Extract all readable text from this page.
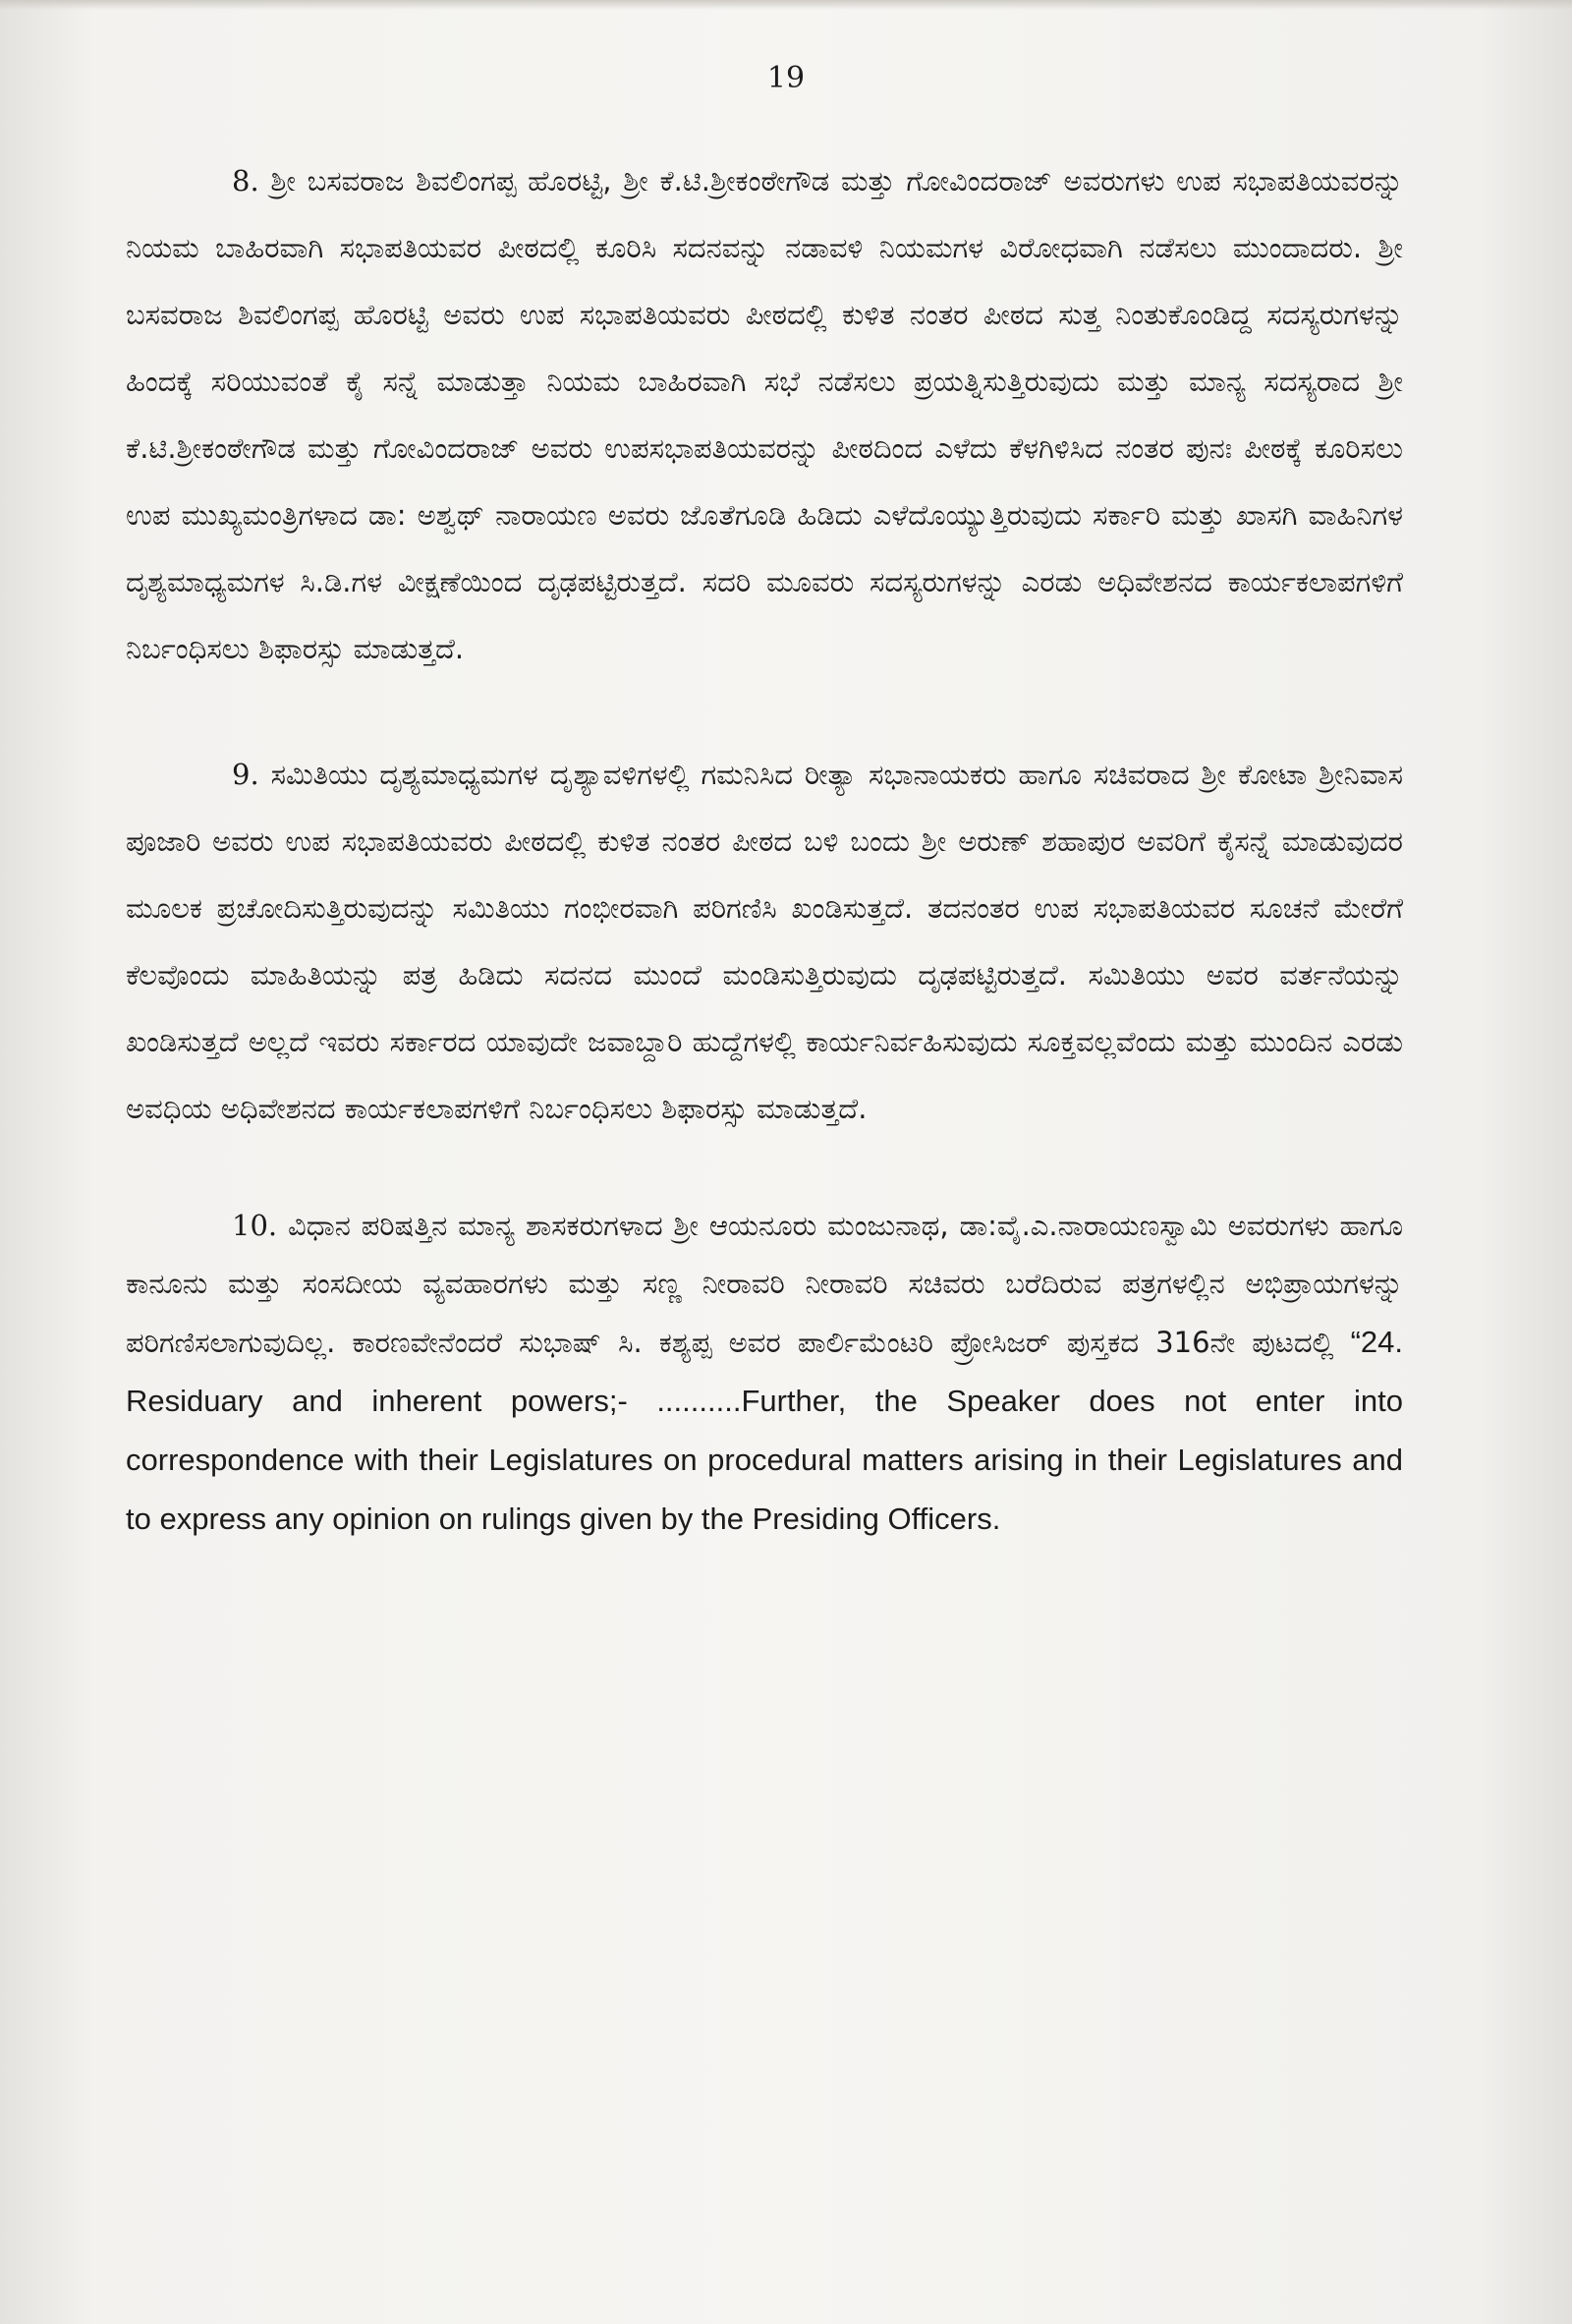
19

8. ಶ್ರೀ ಬಸವರಾಜ ಶಿವಲಿಂಗಪ್ಪ ಹೊರಟ್ಟಿ, ಶ್ರೀ ಕೆ.ಟಿ.ಶ್ರೀಕಂಠೇಗೌಡ ಮತ್ತು ಗೋವಿಂದರಾಜ್ ಅವರುಗಳು ಉಪ ಸಭಾಪತಿಯವರನ್ನು ನಿಯಮ ಬಾಹಿರವಾಗಿ ಸಭಾಪತಿಯವರ ಪೀಠದಲ್ಲಿ ಕೂರಿಸಿ ಸದನವನ್ನು ನಡಾವಳಿ ನಿಯಮಗಳ ವಿರೋಧವಾಗಿ ನಡೆಸಲು ಮುಂದಾದರು. ಶ್ರೀ ಬಸವರಾಜ ಶಿವಲಿಂಗಪ್ಪ ಹೊರಟ್ಟಿ ಅವರು ಉಪ ಸಭಾಪತಿಯವರು ಪೀಠದಲ್ಲಿ ಕುಳಿತ ನಂತರ ಪೀಠದ ಸುತ್ತ ನಿಂತುಕೊಂಡಿದ್ದ ಸದಸ್ಯರುಗಳನ್ನು ಹಿಂದಕ್ಕೆ ಸರಿಯುವಂತೆ ಕೈ ಸನ್ನೆ ಮಾಡುತ್ತಾ ನಿಯಮ ಬಾಹಿರವಾಗಿ ಸಭೆ ನಡೆಸಲು ಪ್ರಯತ್ನಿಸುತ್ತಿರುವುದು ಮತ್ತು ಮಾನ್ಯ ಸದಸ್ಯರಾದ ಶ್ರೀ ಕೆ.ಟಿ.ಶ್ರೀಕಂಠೇಗೌಡ ಮತ್ತು ಗೋವಿಂದರಾಜ್ ಅವರು ಉಪಸಭಾಪತಿಯವರನ್ನು ಪೀಠದಿಂದ ಎಳೆದು ಕೆಳಗಿಳಿಸಿದ ನಂತರ ಪುನಃ ಪೀಠಕ್ಕೆ ಕೂರಿಸಲು ಉಪ ಮುಖ್ಯಮಂತ್ರಿಗಳಾದ ಡಾ: ಅಶ್ವಥ್ ನಾರಾಯಣ ಅವರು ಜೊತೆಗೂಡಿ ಹಿಡಿದು ಎಳೆದೊಯ್ಯುತ್ತಿರುವುದು ಸರ್ಕಾರಿ ಮತ್ತು ಖಾಸಗಿ ವಾಹಿನಿಗಳ ದೃಶ್ಯಮಾಧ್ಯಮಗಳ ಸಿ.ಡಿ.ಗಳ ವೀಕ್ಷಣೆಯಿಂದ ದೃಢಪಟ್ಟಿರುತ್ತದೆ. ಸದರಿ ಮೂವರು ಸದಸ್ಯರುಗಳನ್ನು ಎರಡು ಅಧಿವೇಶನದ ಕಾರ್ಯಕಲಾಪಗಳಿಗೆ ನಿರ್ಬಂಧಿಸಲು ಶಿಫಾರಸ್ಸು ಮಾಡುತ್ತದೆ.

9. ಸಮಿತಿಯು ದೃಶ್ಯಮಾಧ್ಯಮಗಳ ದೃಶ್ಯಾವಳಿಗಳಲ್ಲಿ ಗಮನಿಸಿದ ರೀತ್ಯಾ ಸಭಾನಾಯಕರು ಹಾಗೂ ಸಚಿವರಾದ ಶ್ರೀ ಕೋಟಾ ಶ್ರೀನಿವಾಸ ಪೂಜಾರಿ ಅವರು ಉಪ ಸಭಾಪತಿಯವರು ಪೀಠದಲ್ಲಿ ಕುಳಿತ ನಂತರ ಪೀಠದ ಬಳಿ ಬಂದು ಶ್ರೀ ಅರುಣ್ ಶಹಾಪುರ ಅವರಿಗೆ ಕೈಸನ್ನೆ ಮಾಡುವುದರ ಮೂಲಕ ಪ್ರಚೋದಿಸುತ್ತಿರುವುದನ್ನು ಸಮಿತಿಯು ಗಂಭೀರವಾಗಿ ಪರಿಗಣಿಸಿ ಖಂಡಿಸುತ್ತದೆ. ತದನಂತರ ಉಪ ಸಭಾಪತಿಯವರ ಸೂಚನೆ ಮೇರೆಗೆ ಕೆಲವೊಂದು ಮಾಹಿತಿಯನ್ನು ಪತ್ರ ಹಿಡಿದು ಸದನದ ಮುಂದೆ ಮಂಡಿಸುತ್ತಿರುವುದು ದೃಢಪಟ್ಟಿರುತ್ತದೆ. ಸಮಿತಿಯು ಅವರ ವರ್ತನೆಯನ್ನು ಖಂಡಿಸುತ್ತದೆ ಅಲ್ಲದೆ ಇವರು ಸರ್ಕಾರದ ಯಾವುದೇ ಜವಾಬ್ದಾರಿ ಹುದ್ದೆಗಳಲ್ಲಿ ಕಾರ್ಯನಿರ್ವಹಿಸುವುದು ಸೂಕ್ತವಲ್ಲವೆಂದು ಮತ್ತು ಮುಂದಿನ ಎರಡು ಅವಧಿಯ ಅಧಿವೇಶನದ ಕಾರ್ಯಕಲಾಪಗಳಿಗೆ ನಿರ್ಬಂಧಿಸಲು ಶಿಫಾರಸ್ಸು ಮಾಡುತ್ತದೆ.

10. ವಿಧಾನ ಪರಿಷತ್ತಿನ ಮಾನ್ಯ ಶಾಸಕರುಗಳಾದ ಶ್ರೀ ಆಯನೂರು ಮಂಜುನಾಥ, ಡಾ:ವೈ.ಎ.ನಾರಾಯಣಸ್ವಾಮಿ ಅವರುಗಳು ಹಾಗೂ ಕಾನೂನು ಮತ್ತು ಸಂಸದೀಯ ವ್ಯವಹಾರಗಳು ಮತ್ತು ಸಣ್ಣ ನೀರಾವರಿ ನೀರಾವರಿ ಸಚಿವರು ಬರೆದಿರುವ ಪತ್ರಗಳಲ್ಲಿನ ಅಭಿಪ್ರಾಯಗಳನ್ನು ಪರಿಗಣಿಸಲಾಗುವುದಿಲ್ಲ. ಕಾರಣವೇನೆಂದರೆ ಸುಭಾಷ್ ಸಿ. ಕಶ್ಯಪ್ಪ ಅವರ ಪಾರ್ಲಿಮೆಂಟರಿ ಪ್ರೋಸಿಜರ್ ಪುಸ್ತಕದ 316ನೇ ಪುಟದಲ್ಲಿ “24. Residuary and inherent powers;- ..........Further, the Speaker does not enter into correspondence with their Legislatures on procedural matters arising in their Legislatures and to express any opinion on rulings given by the Presiding Officers.
